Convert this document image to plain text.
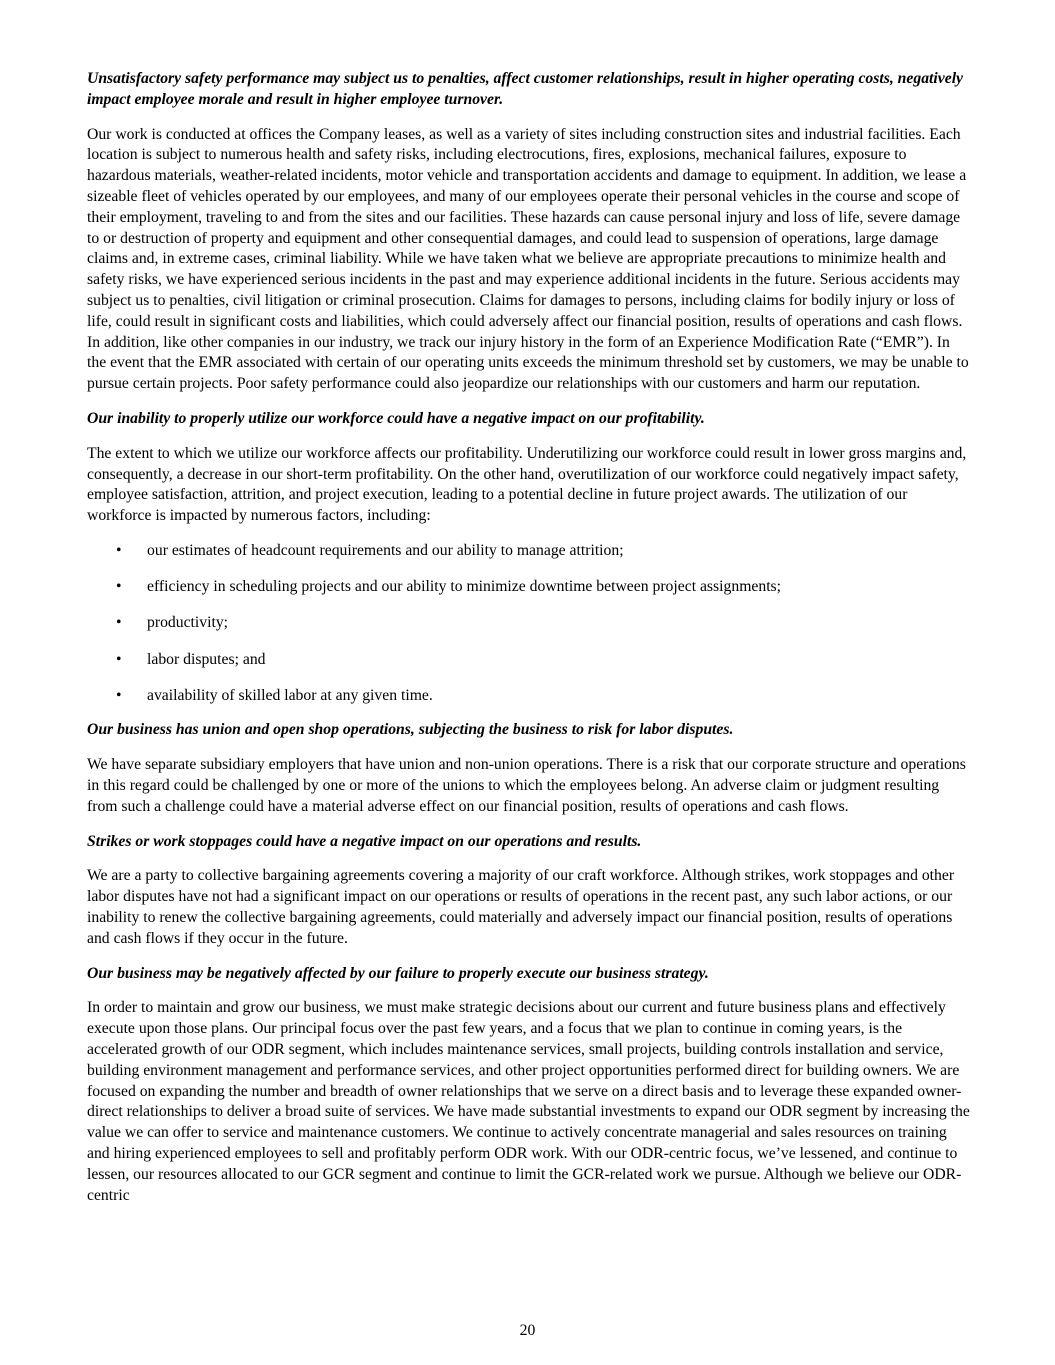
Unsatisfactory safety performance may subject us to penalties, affect customer relationships, result in higher operating costs, negatively impact employee morale and result in higher employee turnover.

Our work is conducted at offices the Company leases, as well as a variety of sites including construction sites and industrial facilities. Each location is subject to numerous health and safety risks, including electrocutions, fires, explosions, mechanical failures, exposure to hazardous materials, weather-related incidents, motor vehicle and transportation accidents and damage to equipment. In addition, we lease a sizeable fleet of vehicles operated by our employees, and many of our employees operate their personal vehicles in the course and scope of their employment, traveling to and from the sites and our facilities. These hazards can cause personal injury and loss of life, severe damage to or destruction of property and equipment and other consequential damages, and could lead to suspension of operations, large damage claims and, in extreme cases, criminal liability. While we have taken what we believe are appropriate precautions to minimize health and safety risks, we have experienced serious incidents in the past and may experience additional incidents in the future. Serious accidents may subject us to penalties, civil litigation or criminal prosecution. Claims for damages to persons, including claims for bodily injury or loss of life, could result in significant costs and liabilities, which could adversely affect our financial position, results of operations and cash flows. In addition, like other companies in our industry, we track our injury history in the form of an Experience Modification Rate (“EMR”). In the event that the EMR associated with certain of our operating units exceeds the minimum threshold set by customers, we may be unable to pursue certain projects. Poor safety performance could also jeopardize our relationships with our customers and harm our reputation.

Our inability to properly utilize our workforce could have a negative impact on our profitability.

The extent to which we utilize our workforce affects our profitability. Underutilizing our workforce could result in lower gross margins and, consequently, a decrease in our short-term profitability. On the other hand, overutilization of our workforce could negatively impact safety, employee satisfaction, attrition, and project execution, leading to a potential decline in future project awards. The utilization of our workforce is impacted by numerous factors, including:

• our estimates of headcount requirements and our ability to manage attrition;
• efficiency in scheduling projects and our ability to minimize downtime between project assignments;
• productivity;
• labor disputes; and
• availability of skilled labor at any given time.

Our business has union and open shop operations, subjecting the business to risk for labor disputes.

We have separate subsidiary employers that have union and non-union operations. There is a risk that our corporate structure and operations in this regard could be challenged by one or more of the unions to which the employees belong. An adverse claim or judgment resulting from such a challenge could have a material adverse effect on our financial position, results of operations and cash flows.

Strikes or work stoppages could have a negative impact on our operations and results.

We are a party to collective bargaining agreements covering a majority of our craft workforce. Although strikes, work stoppages and other labor disputes have not had a significant impact on our operations or results of operations in the recent past, any such labor actions, or our inability to renew the collective bargaining agreements, could materially and adversely impact our financial position, results of operations and cash flows if they occur in the future.

Our business may be negatively affected by our failure to properly execute our business strategy.

In order to maintain and grow our business, we must make strategic decisions about our current and future business plans and effectively execute upon those plans. Our principal focus over the past few years, and a focus that we plan to continue in coming years, is the accelerated growth of our ODR segment, which includes maintenance services, small projects, building controls installation and service, building environment management and performance services, and other project opportunities performed direct for building owners. We are focused on expanding the number and breadth of owner relationships that we serve on a direct basis and to leverage these expanded owner-direct relationships to deliver a broad suite of services. We have made substantial investments to expand our ODR segment by increasing the value we can offer to service and maintenance customers. We continue to actively concentrate managerial and sales resources on training and hiring experienced employees to sell and profitably perform ODR work. With our ODR-centric focus, we’ve lessened, and continue to lessen, our resources allocated to our GCR segment and continue to limit the GCR-related work we pursue. Although we believe our ODR-centric

20
